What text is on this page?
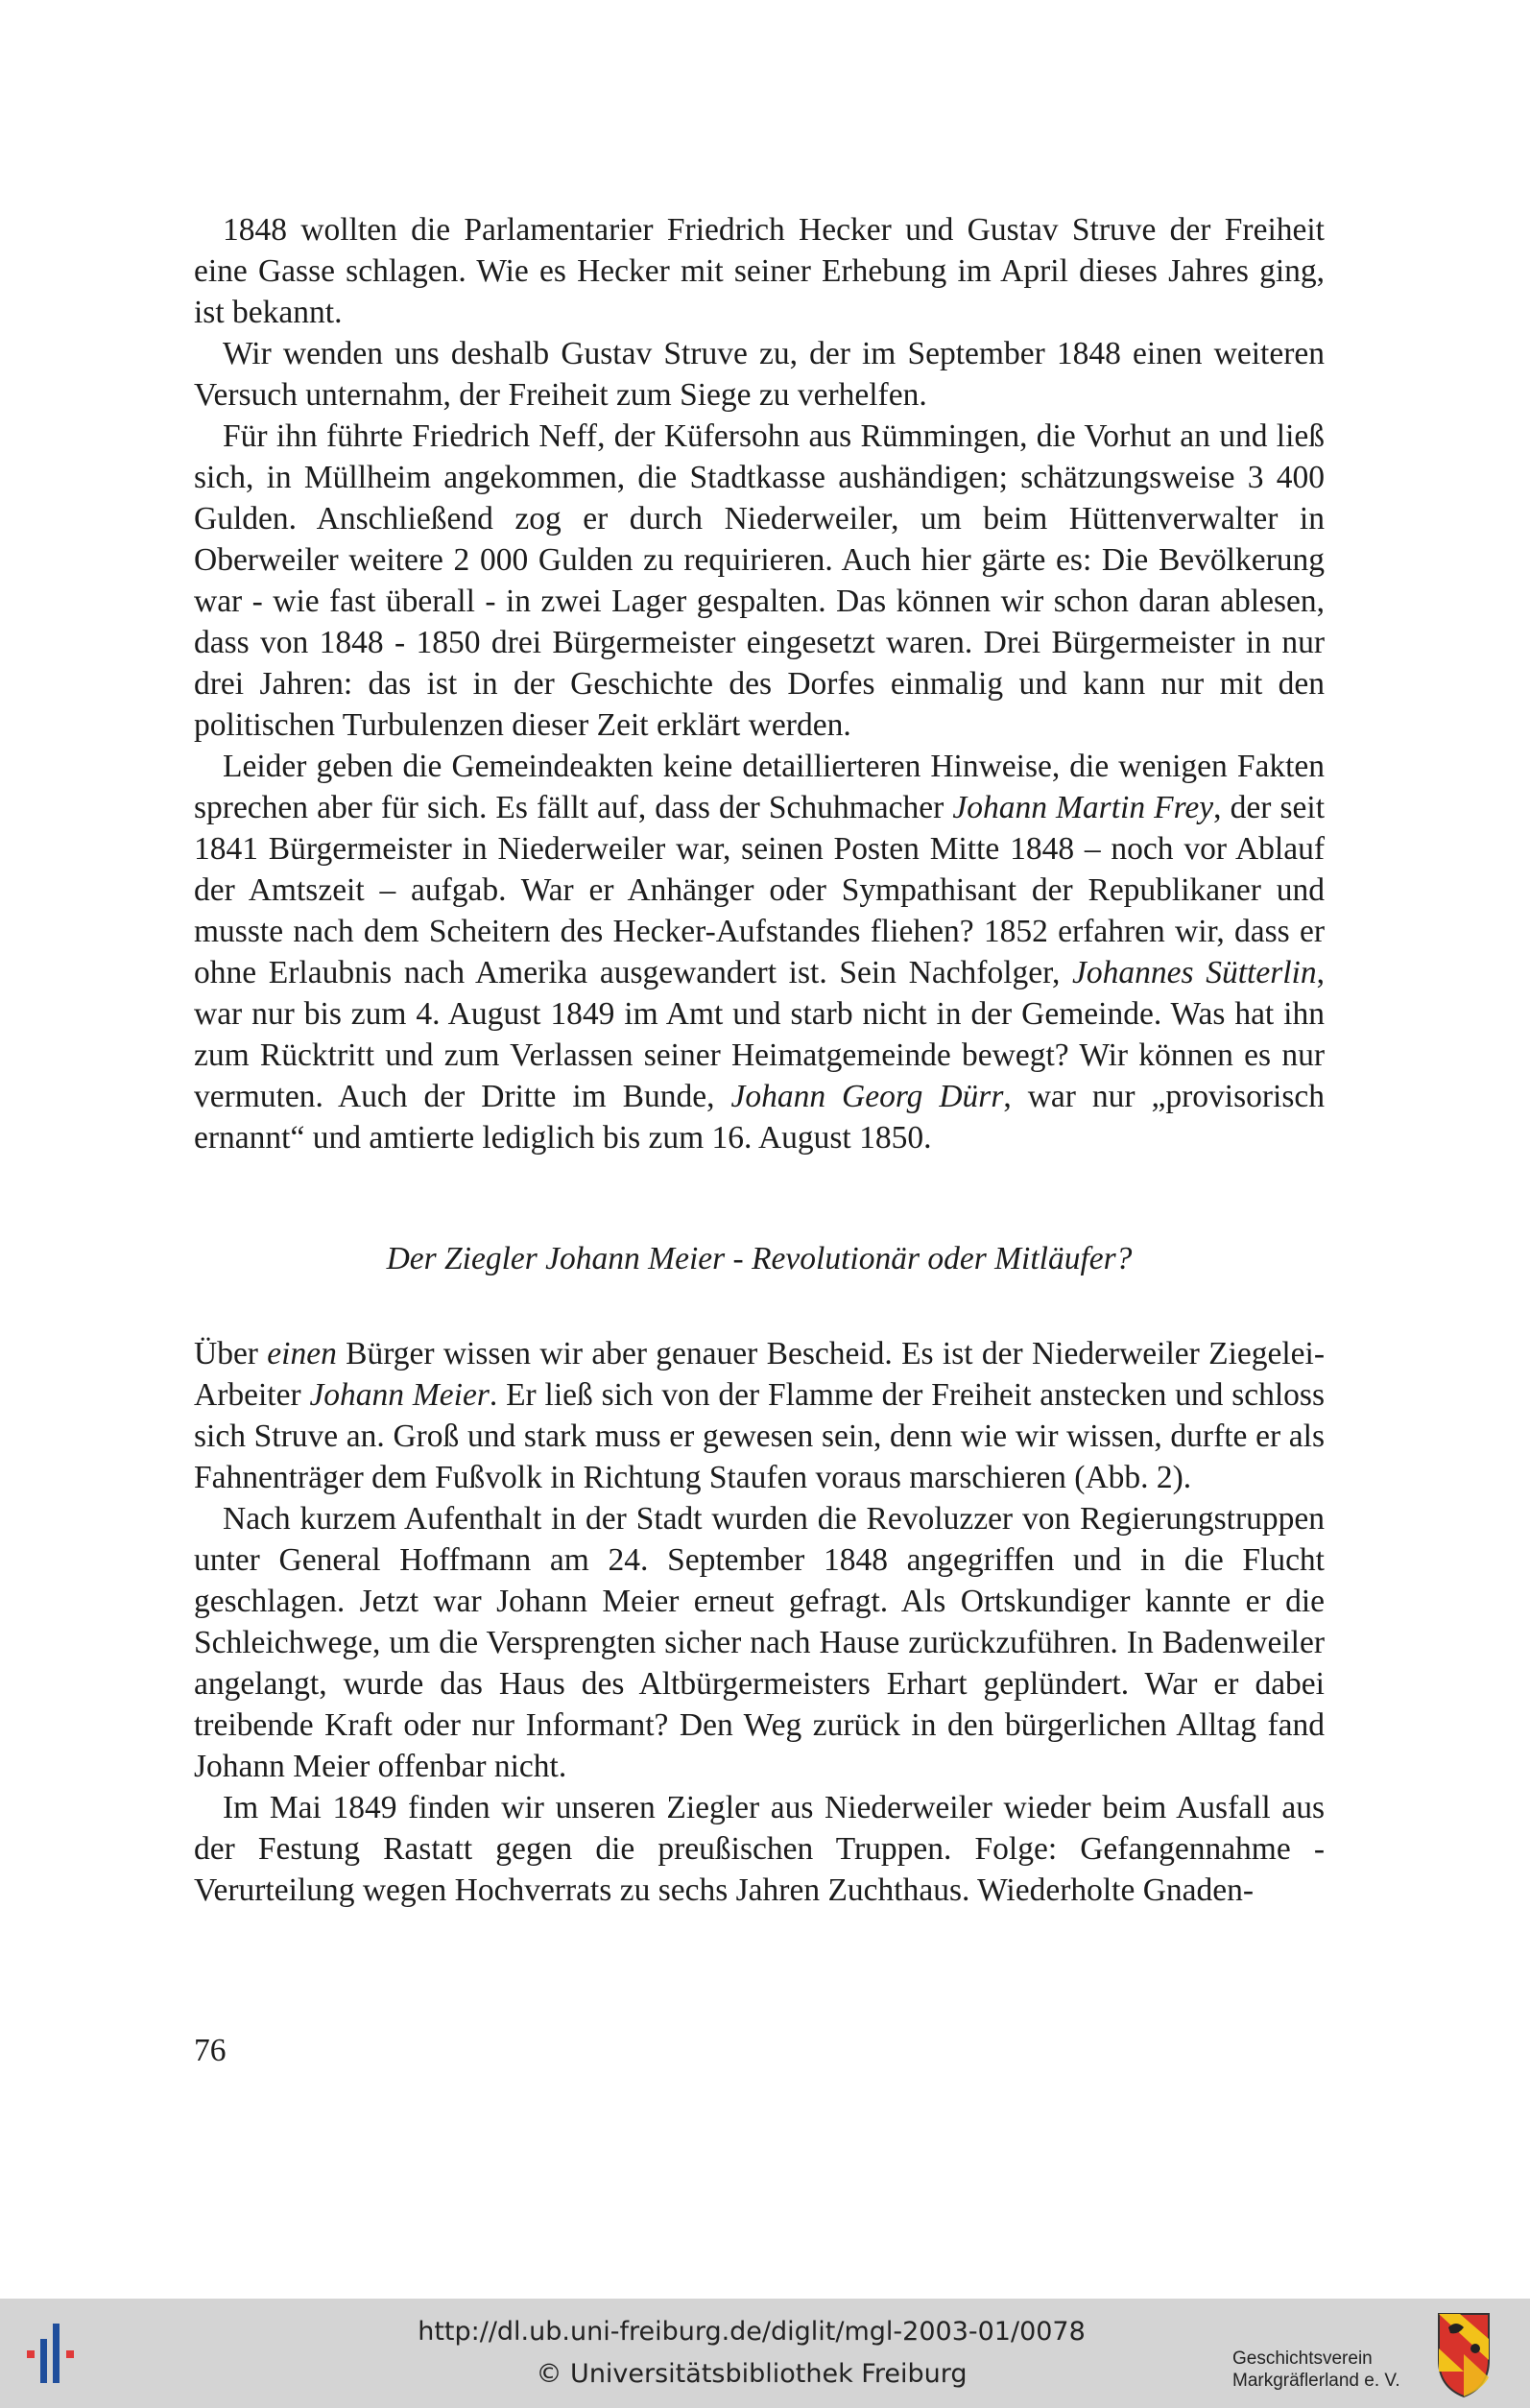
1848 wollten die Parlamentarier Friedrich Hecker und Gustav Struve der Freiheit eine Gasse schlagen. Wie es Hecker mit seiner Erhebung im April dieses Jahres ging, ist bekannt.

Wir wenden uns deshalb Gustav Struve zu, der im September 1848 einen weiteren Versuch unternahm, der Freiheit zum Siege zu verhelfen.

Für ihn führte Friedrich Neff, der Küfersohn aus Rümmingen, die Vorhut an und ließ sich, in Müllheim angekommen, die Stadtkasse aushändigen; schätzungsweise 3 400 Gulden. Anschließend zog er durch Niederweiler, um beim Hüttenverwalter in Oberweiler weitere 2 000 Gulden zu requirieren. Auch hier gärte es: Die Bevölkerung war - wie fast überall - in zwei Lager gespalten. Das können wir schon daran ablesen, dass von 1848 - 1850 drei Bürgermeister eingesetzt waren. Drei Bürgermeister in nur drei Jahren: das ist in der Geschichte des Dorfes einmalig und kann nur mit den politischen Turbulenzen dieser Zeit erklärt werden.

Leider geben die Gemeindeakten keine detaillierteren Hinweise, die wenigen Fakten sprechen aber für sich. Es fällt auf, dass der Schuhmacher Johann Martin Frey, der seit 1841 Bürgermeister in Niederweiler war, seinen Posten Mitte 1848 – noch vor Ablauf der Amtszeit – aufgab. War er Anhänger oder Sympathisant der Republikaner und musste nach dem Scheitern des Hecker-Aufstandes fliehen? 1852 erfahren wir, dass er ohne Erlaubnis nach Amerika ausgewandert ist. Sein Nachfolger, Johannes Sütterlin, war nur bis zum 4. August 1849 im Amt und starb nicht in der Gemeinde. Was hat ihn zum Rücktritt und zum Verlassen seiner Heimatgemeinde bewegt? Wir können es nur vermuten. Auch der Dritte im Bunde, Johann Georg Dürr, war nur „provisorisch ernannt“ und amtierte lediglich bis zum 16. August 1850.

Der Ziegler Johann Meier - Revolutionär oder Mitläufer?

Über einen Bürger wissen wir aber genauer Bescheid. Es ist der Niederweiler Ziegelei-Arbeiter Johann Meier. Er ließ sich von der Flamme der Freiheit anstecken und schloss sich Struve an. Groß und stark muss er gewesen sein, denn wie wir wissen, durfte er als Fahnenträger dem Fußvolk in Richtung Staufen voraus marschieren (Abb. 2).

Nach kurzem Aufenthalt in der Stadt wurden die Revoluzzer von Regierungstruppen unter General Hoffmann am 24. September 1848 angegriffen und in die Flucht geschlagen. Jetzt war Johann Meier erneut gefragt. Als Ortskundiger kannte er die Schleichwege, um die Versprengten sicher nach Hause zurückzuführen. In Badenweiler angelangt, wurde das Haus des Altbürgermeisters Erhart geplündert. War er dabei treibende Kraft oder nur Informant? Den Weg zurück in den bürgerlichen Alltag fand Johann Meier offenbar nicht.

Im Mai 1849 finden wir unseren Ziegler aus Niederweiler wieder beim Ausfall aus der Festung Rastatt gegen die preußischen Truppen. Folge: Gefangennahme - Verurteilung wegen Hochverrats zu sechs Jahren Zuchthaus. Wiederholte Gnaden-

76
http://dl.ub.uni-freiburg.de/diglit/mgl-2003-01/0078
© Universitätsbibliothek Freiburg
Geschichtsverein
Markgräflerland e. V.
